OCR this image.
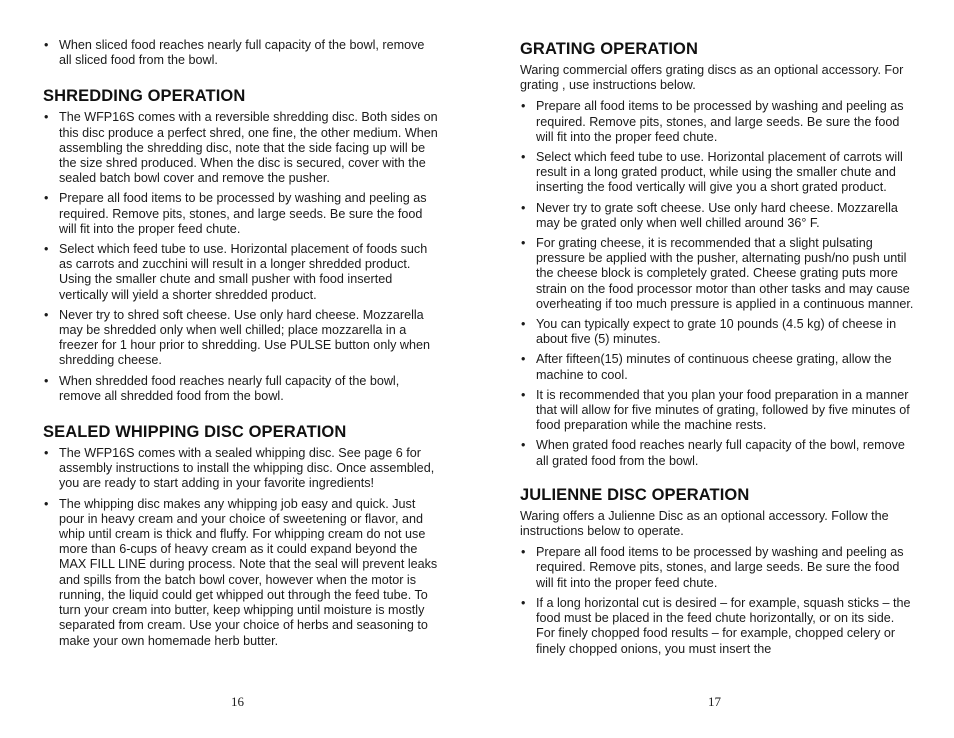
• When sliced food reaches nearly full capacity of the bowl, remove all sliced food from the bowl.
SHREDDING OPERATION
• The WFP16S comes with a reversible shredding disc. Both sides on this disc produce a perfect shred, one fine, the other medium. When assembling the shredding disc, note that the side facing up will be the size shred produced. When the disc is secured, cover with the sealed batch bowl cover and remove the pusher.
• Prepare all food items to be processed by washing and peeling as required. Remove pits, stones, and large seeds. Be sure the food will fit into the proper feed chute.
• Select which feed tube to use. Horizontal placement of foods such as carrots and zucchini will result in a longer shredded product. Using the smaller chute and small pusher with food inserted vertically will yield a shorter shredded product.
• Never try to shred soft cheese. Use only hard cheese. Mozzarella may be shredded only when well chilled; place mozzarella in a freezer for 1 hour prior to shredding. Use PULSE button only when shredding cheese.
• When shredded food reaches nearly full capacity of the bowl, remove all shredded food from the bowl.
SEALED WHIPPING DISC OPERATION
• The WFP16S comes with a sealed whipping disc. See page 6 for assembly instructions to install the whipping disc. Once assembled, you are ready to start adding in your favorite ingredients!
• The whipping disc makes any whipping job easy and quick. Just pour in heavy cream and your choice of sweetening or flavor, and whip until cream is thick and fluffy. For whipping cream do not use more than 6-cups of heavy cream as it could expand beyond the MAX FILL LINE during process. Note that the seal will prevent leaks and spills from the batch bowl cover, however when the motor is running, the liquid could get whipped out through the feed tube. To turn your cream into butter, keep whipping until moisture is mostly separated from cream. Use your choice of herbs and seasoning to make your own homemade herb butter.
16
GRATING OPERATION

Waring commercial offers grating discs as an optional accessory. For grating , use instructions below.

• Prepare all food items to be processed by washing and peeling as required. Remove pits, stones, and large seeds. Be sure the food will fit into the proper feed chute.
• Select which feed tube to use. Horizontal placement of carrots will result in a long grated product, while using the smaller chute and inserting the food vertically will give you a short grated product.
• Never try to grate soft cheese. Use only hard cheese. Mozzarella may be grated only when well chilled around 36° F.
• For grating cheese, it is recommended that a slight pulsating pressure be applied with the pusher, alternating push/no push until the cheese block is completely grated. Cheese grating puts more strain on the food processor motor than other tasks and may cause overheating if too much pressure is applied in a continuous manner.
• You can typically expect to grate 10 pounds (4.5 kg) of cheese in about five (5) minutes.
• After fifteen(15) minutes of continuous cheese grating, allow the machine to cool.
• It is recommended that you plan your food preparation in a manner that will allow for five minutes of grating, followed by five minutes of food preparation while the machine rests.
• When grated food reaches nearly full capacity of the bowl, remove all grated food from the bowl.
JULIENNE DISC OPERATION

Waring offers a Julienne Disc as an optional accessory. Follow the instructions below to operate.

• Prepare all food items to be processed by washing and peeling as required. Remove pits, stones, and large seeds. Be sure the food will fit into the proper feed chute.
• If a long horizontal cut is desired – for example, squash sticks – the food must be placed in the feed chute horizontally, or on its side. For finely chopped food results – for example, chopped celery or finely chopped onions, you must insert the
17
